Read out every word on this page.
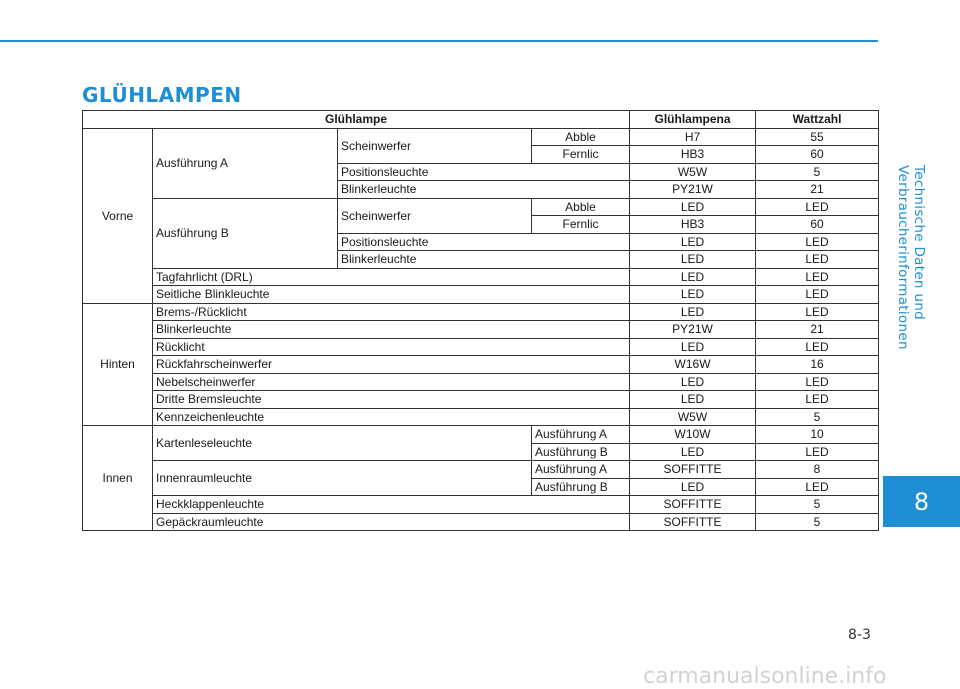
GLÜHLAMPEN
Technische Daten und Verbraucherinformationen
8
Glühlampe				Glühlampena	Wattzahl
Vorne	Ausführung A	Scheinwerfer	Abble	H7	55
			Fernlic	HB3	60
		Positionsleuchte		W5W	5
		Blinkerleuchte		PY21W	21
	Ausführung B	Scheinwerfer	Abble	LED	LED
			Fernlic	HB3	60
		Positionsleuchte		LED	LED
		Blinkerleuchte		LED	LED
	Tagfahrlicht (DRL)			LED	LED
	Seitliche Blinkleuchte			LED	LED
Hinten	Brems-/Rücklicht			LED	LED
	Blinkerleuchte			PY21W	21
	Rücklicht			LED	LED
	Rückfahrscheinwerfer			W16W	16
	Nebelscheinwerfer			LED	LED
	Dritte Bremsleuchte			LED	LED
	Kennzeichenleuchte			W5W	5
Innen	Kartenleseleuchte		Ausführung A	W10W	10
			Ausführung B	LED	LED
	Innenraumleuchte		Ausführung A	SOFFITTE	8
			Ausführung B	LED	LED
	Heckklappenleuchte			SOFFITTE	5
	Gepäckraumleuchte			SOFFITTE	5
8-3
carmanualsonline.info
